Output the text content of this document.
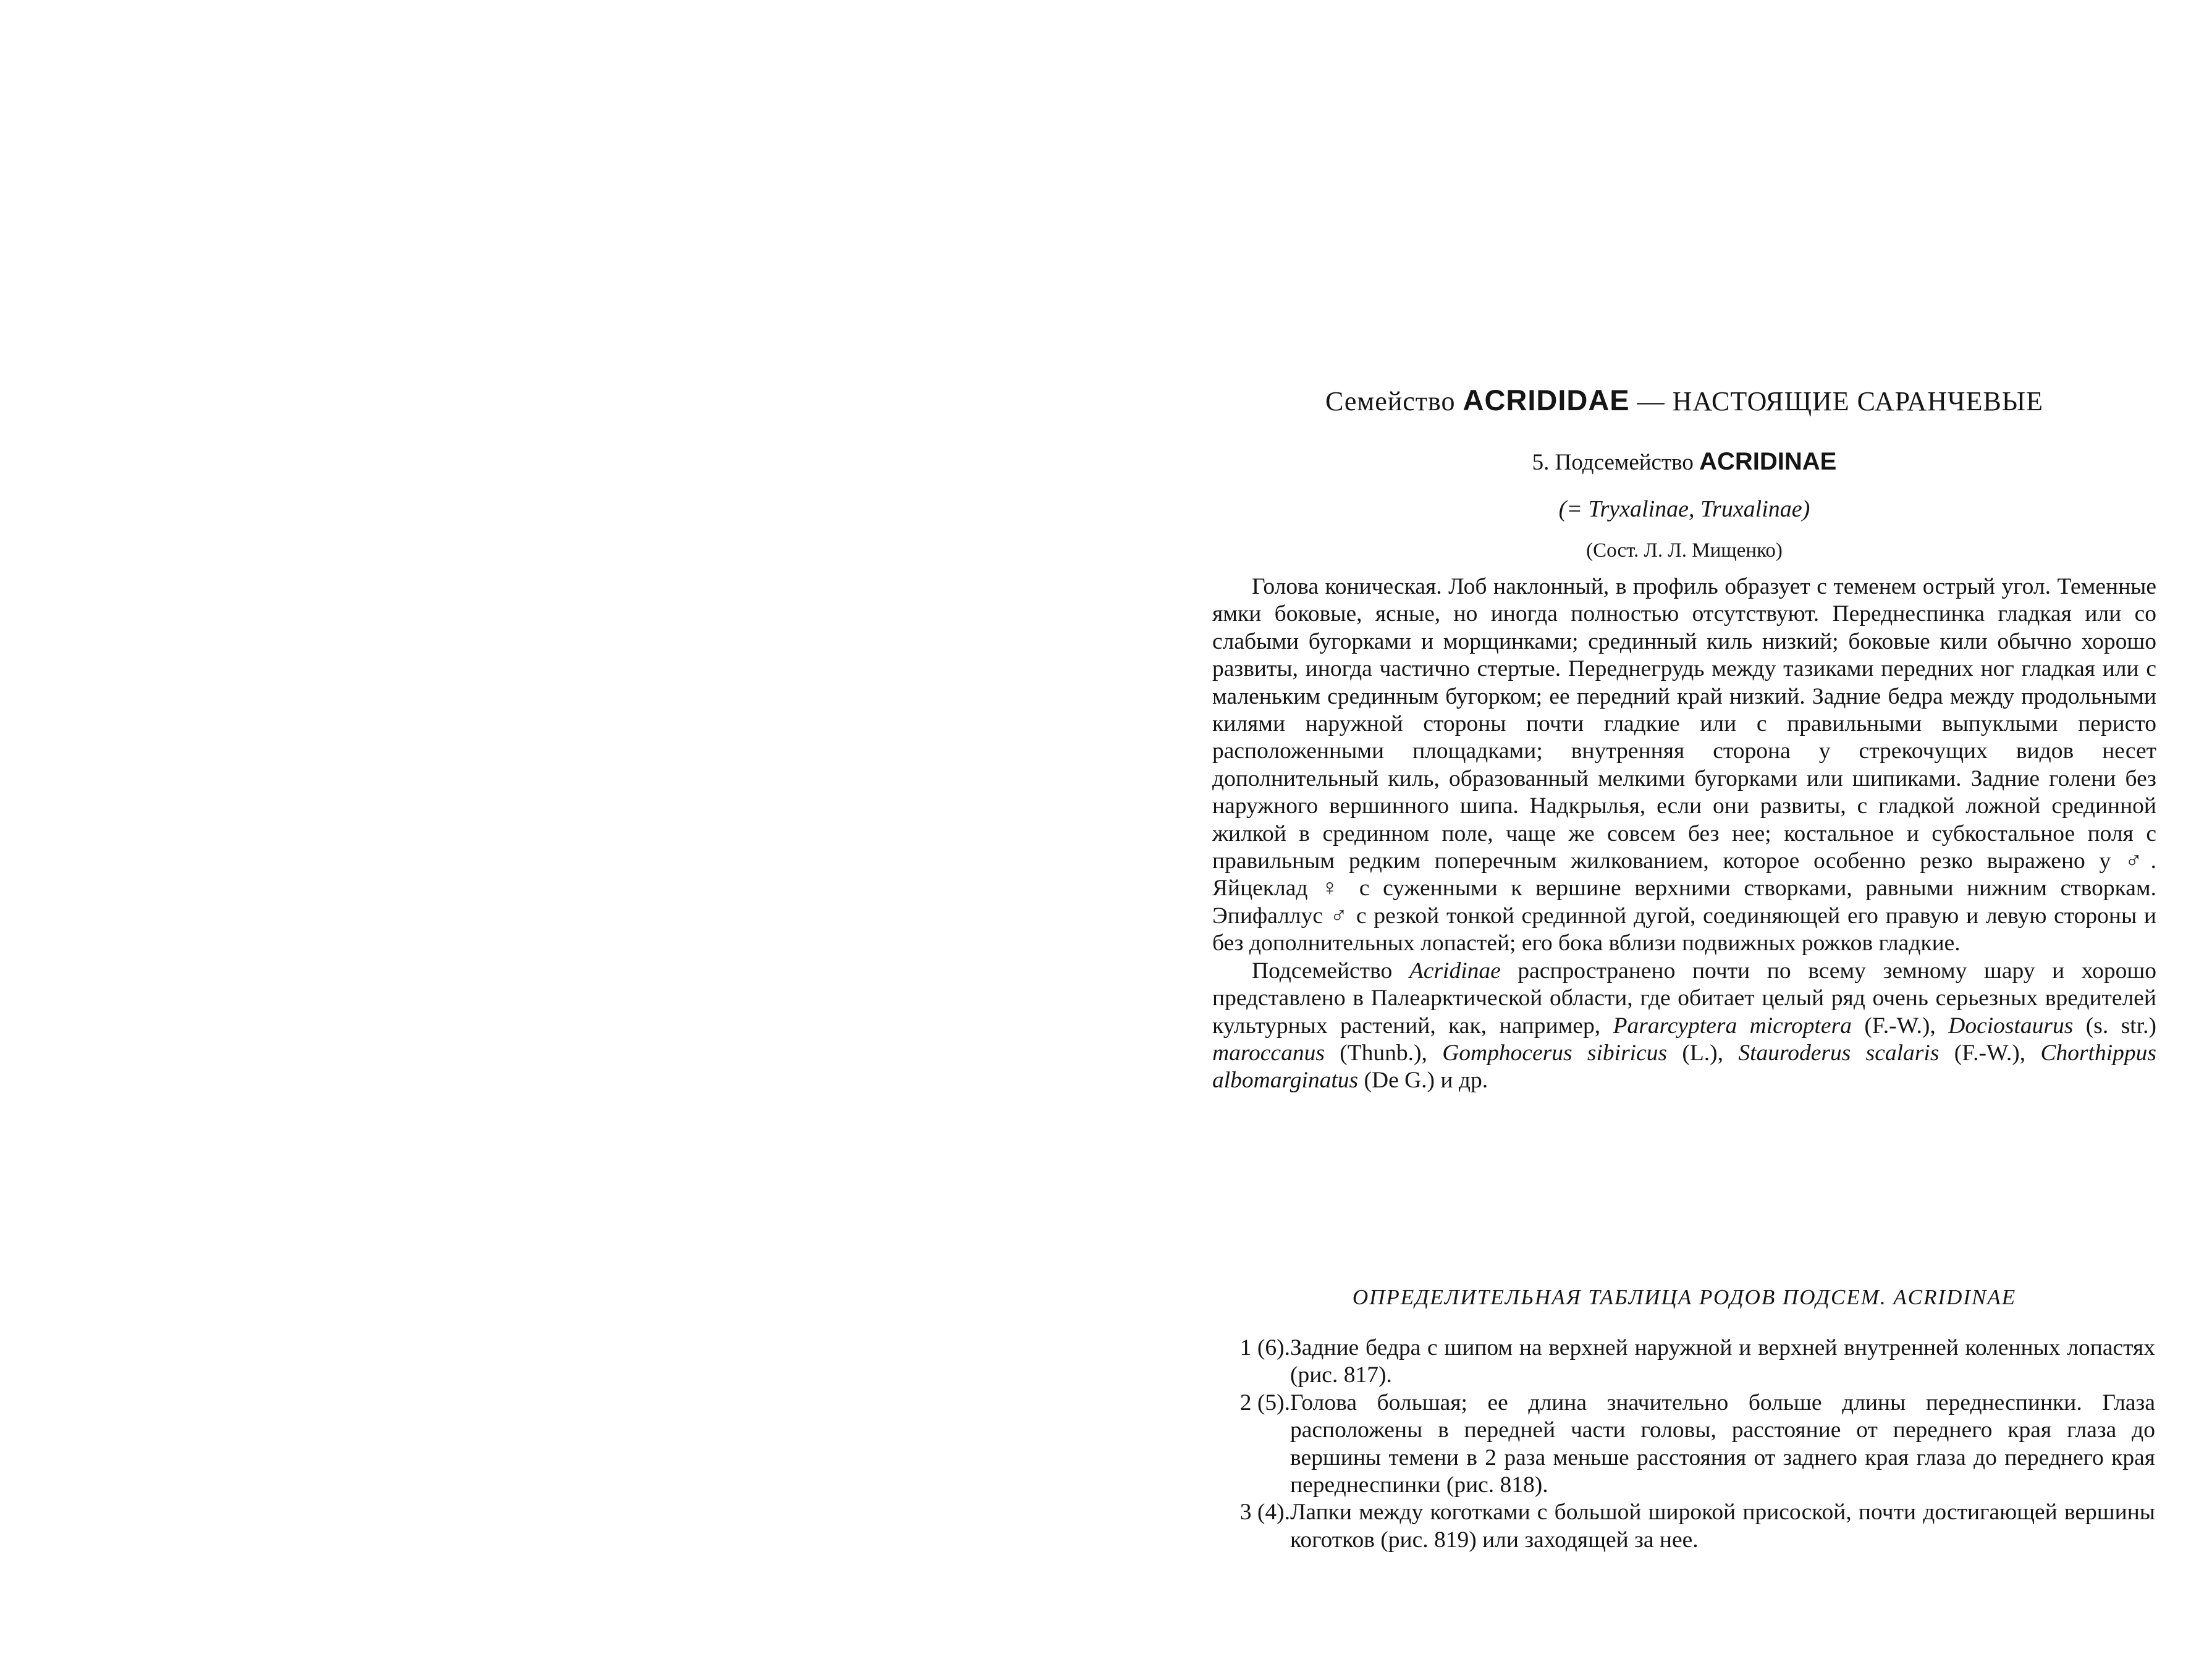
Семейство ACRIDIDAE — НАСТОЯЩИЕ САРАНЧЕВЫЕ
5. Подсемейство ACRIDINAE
(= Tryxalinae, Truxalinae)
(Сост. Л. Л. Мищенко)

Голова коническая. Лоб наклонный, в профиль образует с теменем острый угол. Теменные ямки боковые, ясные, но иногда полностью отсутствуют. Переднеспинка гладкая или со слабыми бугорками и морщинками; срединный киль низкий; боковые кили обычно хорошо развиты, иногда частично стертые. Переднегрудь между тазиками передних ног гладкая или с маленьким срединным бугорком; ее передний край низкий. Задние бедра между продольными килями наружной стороны почти гладкие или с правильными выпуклыми перисто расположенными площадками; внутренняя сторона у стрекочущих видов несет дополнительный киль, образованный мелкими бугорками или шипиками. Задние голени без наружного вершинного шипа. Надкрылья, если они развиты, с гладкой ложной срединной жилкой в срединном поле, чаще же совсем без нее; костальное и субкостальное поля с правильным редким поперечным жилкованием, которое особенно резко выражено у ♂. Яйцеклад ♀ с суженными к вершине верхними створками, равными нижним створкам. Эпифаллус ♂ с резкой тонкой срединной дугой, соединяющей его правую и левую стороны и без дополнительных лопастей; его бока вблизи подвижных рожков гладкие.

Подсемейство Acridinae распространено почти по всему земному шару и хорошо представлено в Палеарктической области, где обитает целый ряд очень серьезных вредителей культурных растений, как, например, Pararcyptera microptera (F.-W.), Dociostaurus (s. str.) maroccanus (Thunb.), Gomphocerus sibiricus (L.), Stauroderus scalaris (F.-W.), Chorthippus albomarginatus (De G.) и др.

ОПРЕДЕЛИТЕЛЬНАЯ ТАБЛИЦА РОДОВ ПОДСЕМ. ACRIDINAE
1 (6). Задние бедра с шипом на верхней наружной и верхней внутренней коленных лопастях (рис. 817).
2 (5). Голова большая; ее длина значительно больше длины переднеспинки. Глаза расположены в передней части головы, расстояние от переднего края глаза до вершины темени в 2 раза меньше расстояния от заднего края глаза до переднего края переднеспинки (рис. 818).
3 (4). Лапки между коготками с большой широкой присоской, почти достигающей вершины коготков (рис. 819) или заходящей за нее.
